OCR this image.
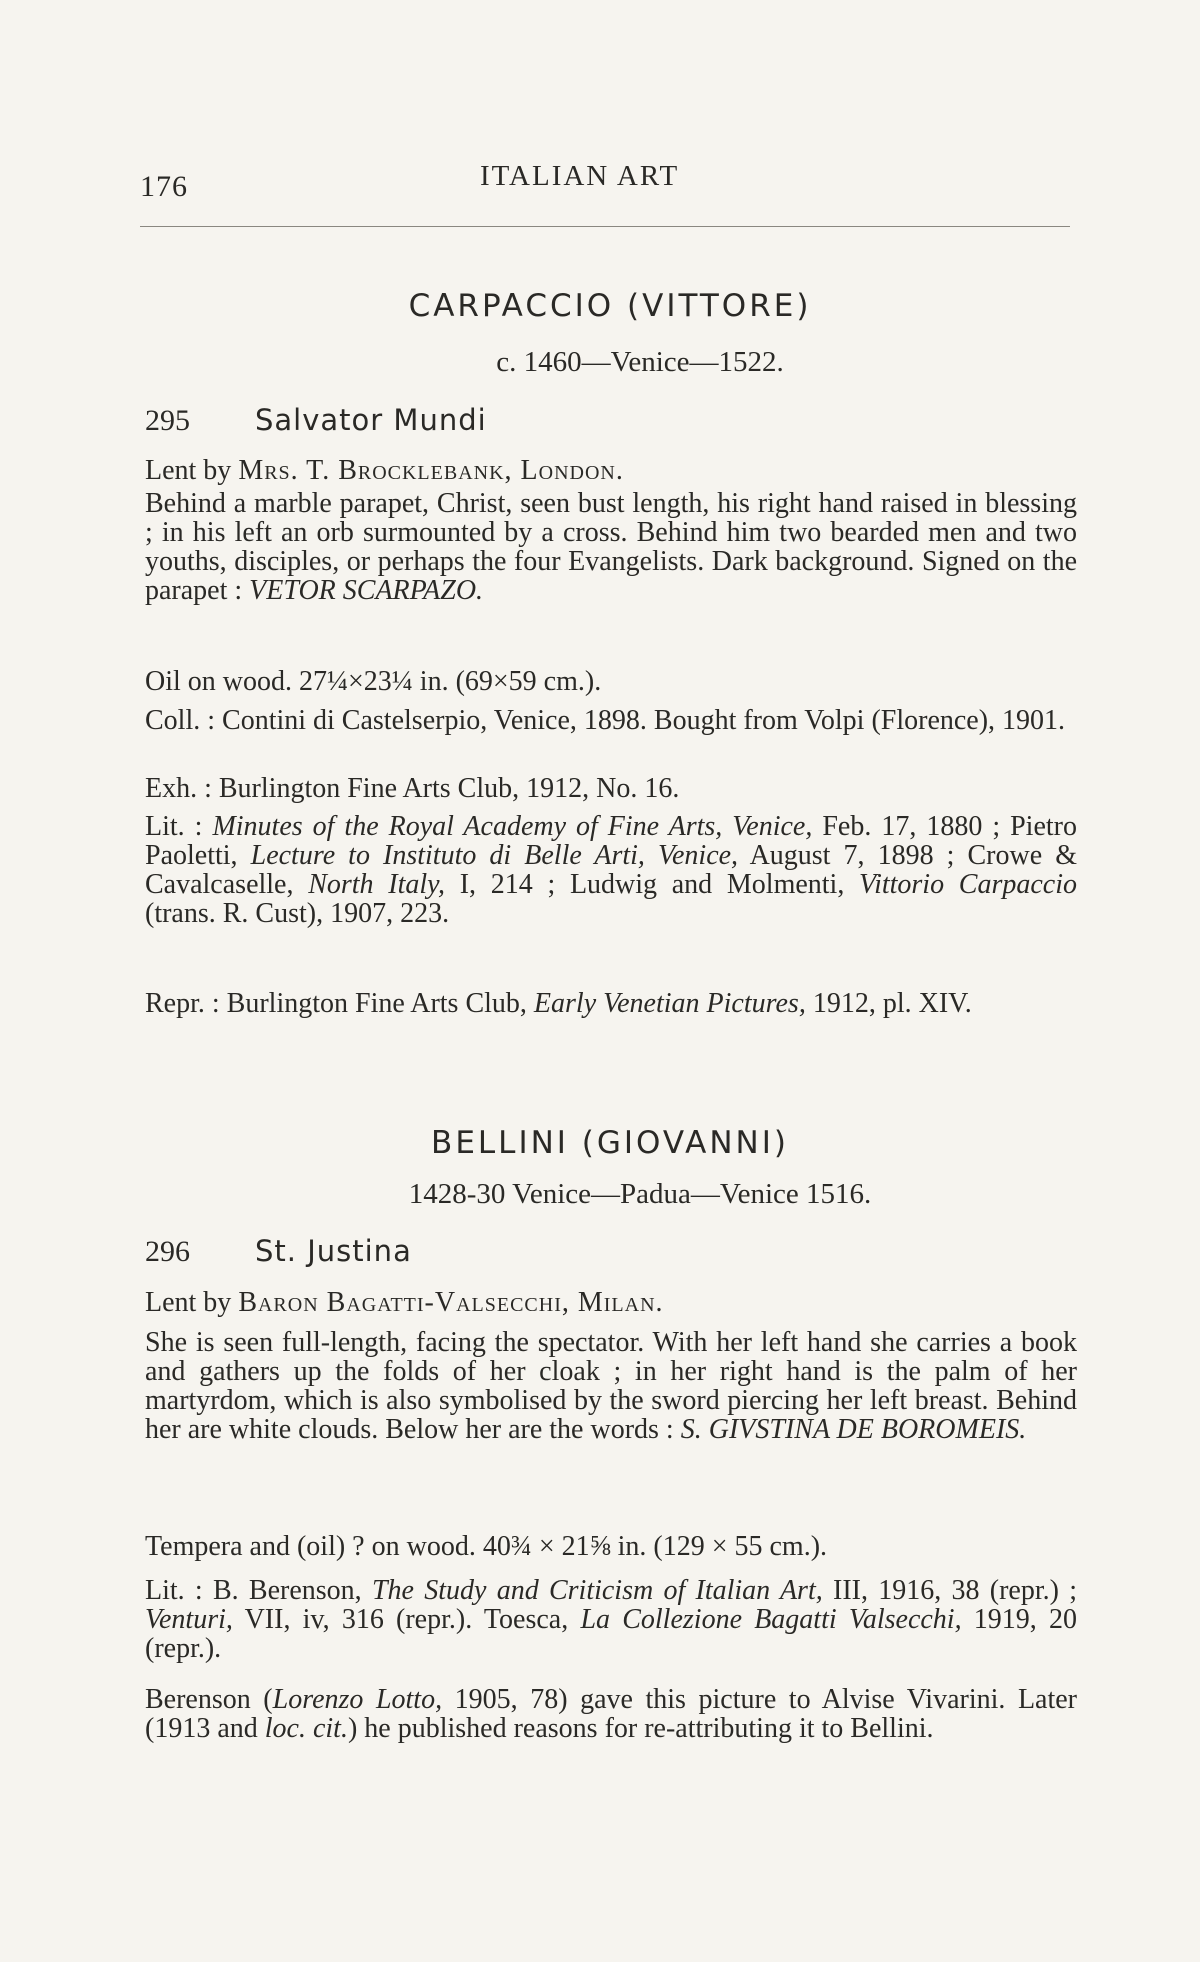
176	ITALIAN ART
CARPACCIO (VITTORE)
c. 1460—Venice—1522.
295 Salvator Mundi
Lent by Mrs. T. Brocklebank, London.
Behind a marble parapet, Christ, seen bust length, his right hand raised in blessing ; in his left an orb surmounted by a cross. Behind him two bearded men and two youths, disciples, or perhaps the four Evangelists. Dark background. Signed on the parapet : VETOR SCARPAZO.
Oil on wood. 27¼×23¼ in. (69×59 cm.).
Coll. : Contini di Castelserpio, Venice, 1898. Bought from Volpi (Florence), 1901.
Exh. : Burlington Fine Arts Club, 1912, No. 16.
Lit. : Minutes of the Royal Academy of Fine Arts, Venice, Feb. 17, 1880 ; Pietro Paoletti, Lecture to Instituto di Belle Arti, Venice, August 7, 1898 ; Crowe & Cavalcaselle, North Italy, I, 214 ; Ludwig and Molmenti, Vittorio Carpaccio (trans. R. Cust), 1907, 223.
Repr. : Burlington Fine Arts Club, Early Venetian Pictures, 1912, pl. XIV.
BELLINI (GIOVANNI)
1428-30 Venice—Padua—Venice 1516.
296 St. Justina
Lent by Baron Bagatti-Valsecchi, Milan.
She is seen full-length, facing the spectator. With her left hand she carries a book and gathers up the folds of her cloak ; in her right hand is the palm of her martyrdom, which is also symbolised by the sword piercing her left breast. Behind her are white clouds. Below her are the words : S. GIVSTINA DE BOROMEIS.
Tempera and (oil) ? on wood. 40¾ × 21⅝ in. (129 × 55 cm.).
Lit. : B. Berenson, The Study and Criticism of Italian Art, III, 1916, 38 (repr.) ; Venturi, VII, iv, 316 (repr.). Toesca, La Collezione Bagatti Valsecchi, 1919, 20 (repr.).
Berenson (Lorenzo Lotto, 1905, 78) gave this picture to Alvise Vivarini. Later (1913 and loc. cit.) he published reasons for re-attributing it to Bellini.
